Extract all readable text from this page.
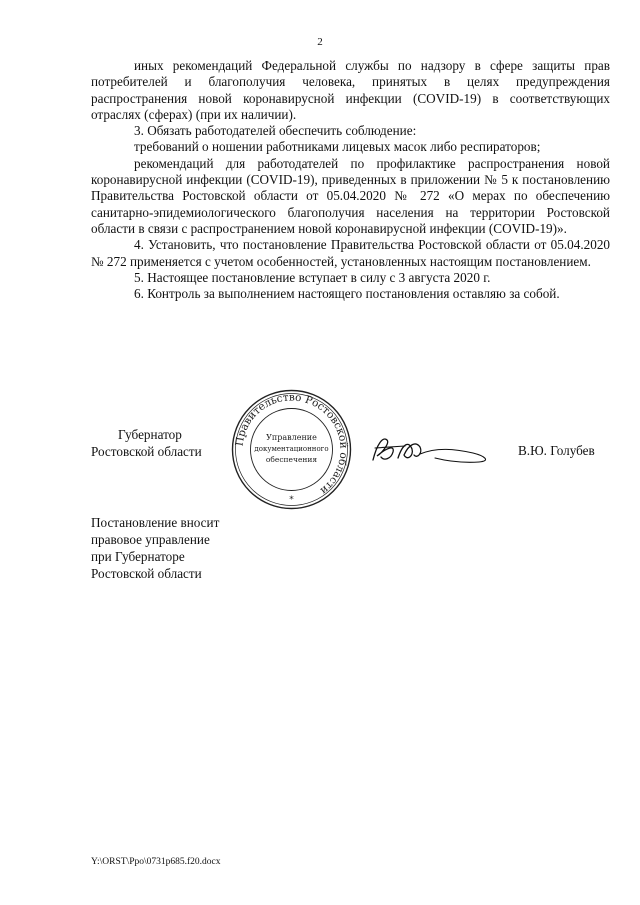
2

иных рекомендаций Федеральной службы по надзору в сфере защиты прав потребителей и благополучия человека, принятых в целях предупреждения распространения новой коронавирусной инфекции (COVID-19) в соответствующих отраслях (сферах) (при их наличии).

3. Обязать работодателей обеспечить соблюдение:

требований о ношении работниками лицевых масок либо респираторов;

рекомендаций для работодателей по профилактике распространения новой коронавирусной инфекции (COVID-19), приведенных в приложении № 5 к постановлению Правительства Ростовской области от 05.04.2020 № 272 «О мерах по обеспечению санитарно-эпидемиологического благополучия населения на территории Ростовской области в связи с распространением новой коронавирусной инфекции (COVID-19)».

4. Установить, что постановление Правительства Ростовской области от 05.04.2020 № 272 применяется с учетом особенностей, установленных настоящим постановлением.

5. Настоящее постановление вступает в силу с 3 августа 2020 г.

6. Контроль за выполнением настоящего постановления оставляю за собой.

Губернатор
Ростовской области
Правительство Ростовской области
Управление
документационного
обеспечения
*
В.Ю. Голубев
Постановление вносит
правовое управление
при Губернаторе
Ростовской области
Y:\ORST\Ppo\0731p685.f20.docx
